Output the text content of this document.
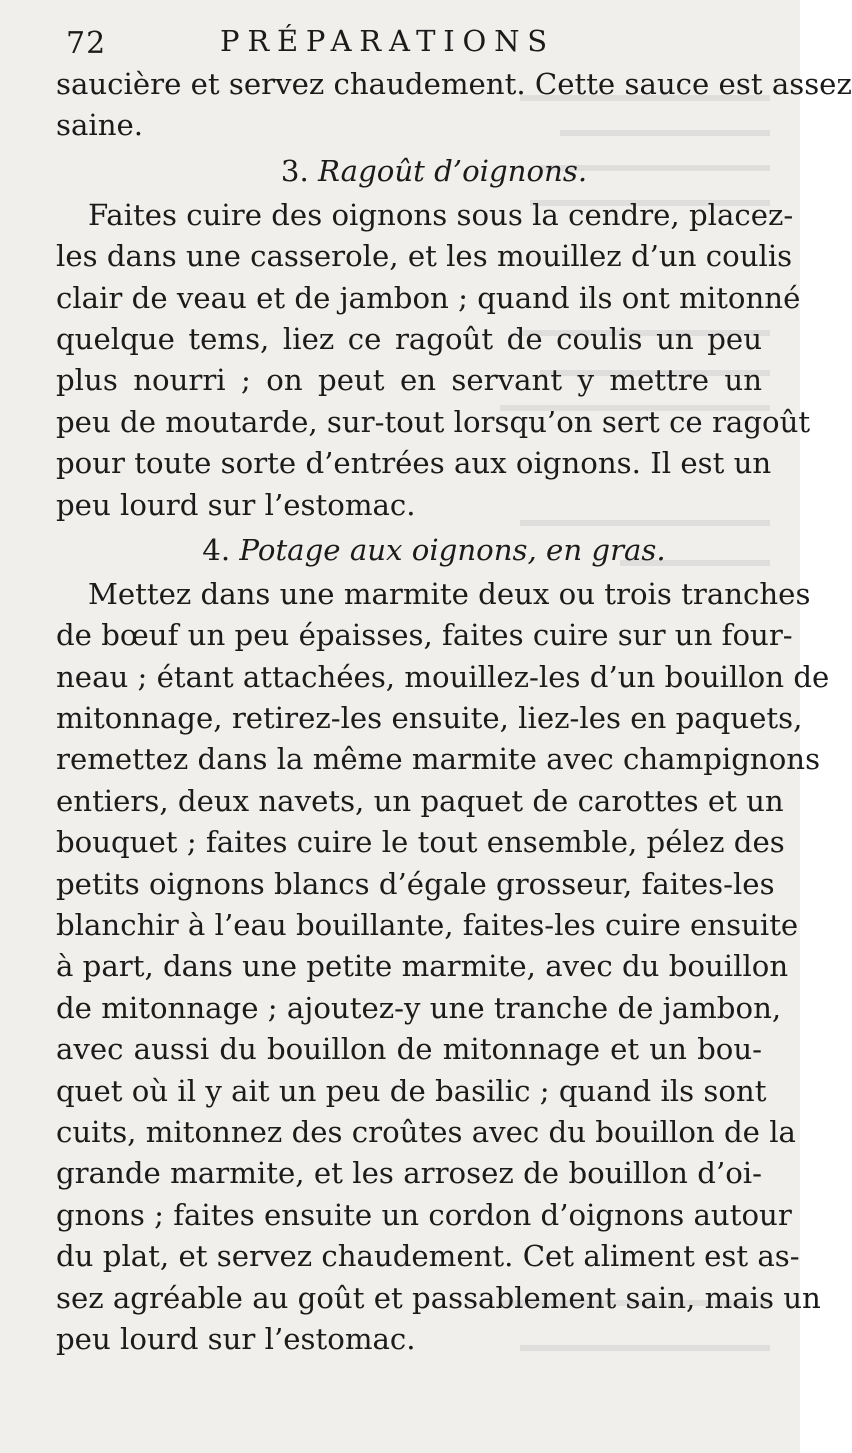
72	PRÉPARATIONS
saucière et servez chaudement. Cette sauce est assez
saine.
3. Ragoût d’oignons.
Faites cuire des oignons sous la cendre, placez-
les dans une casserole, et les mouillez d’un coulis
clair de veau et de jambon ; quand ils ont mitonné
quelque tems, liez ce ragoût de coulis un peu
plus nourri ; on peut en servant y mettre un
peu de moutarde, sur-tout lorsqu’on sert ce ragoût
pour toute sorte d’entrées aux oignons. Il est un
peu lourd sur l’estomac.
4. Potage aux oignons, en gras.
Mettez dans une marmite deux ou trois tranches
de bœuf un peu épaisses, faites cuire sur un four-
neau ; étant attachées, mouillez-les d’un bouillon de
mitonnage, retirez-les ensuite, liez-les en paquets,
remettez dans la même marmite avec champignons
entiers, deux navets, un paquet de carottes et un
bouquet ; faites cuire le tout ensemble, pélez des
petits oignons blancs d’égale grosseur, faites-les
blanchir à l’eau bouillante, faites-les cuire ensuite
à part, dans une petite marmite, avec du bouillon
de mitonnage ; ajoutez-y une tranche de jambon,
avec aussi du bouillon de mitonnage et un bou-
quet où il y ait un peu de basilic ; quand ils sont
cuits, mitonnez des croûtes avec du bouillon de la
grande marmite, et les arrosez de bouillon d’oi-
gnons ; faites ensuite un cordon d’oignons autour
du plat, et servez chaudement. Cet aliment est as-
sez agréable au goût et passablement sain, mais un
peu lourd sur l’estomac.
